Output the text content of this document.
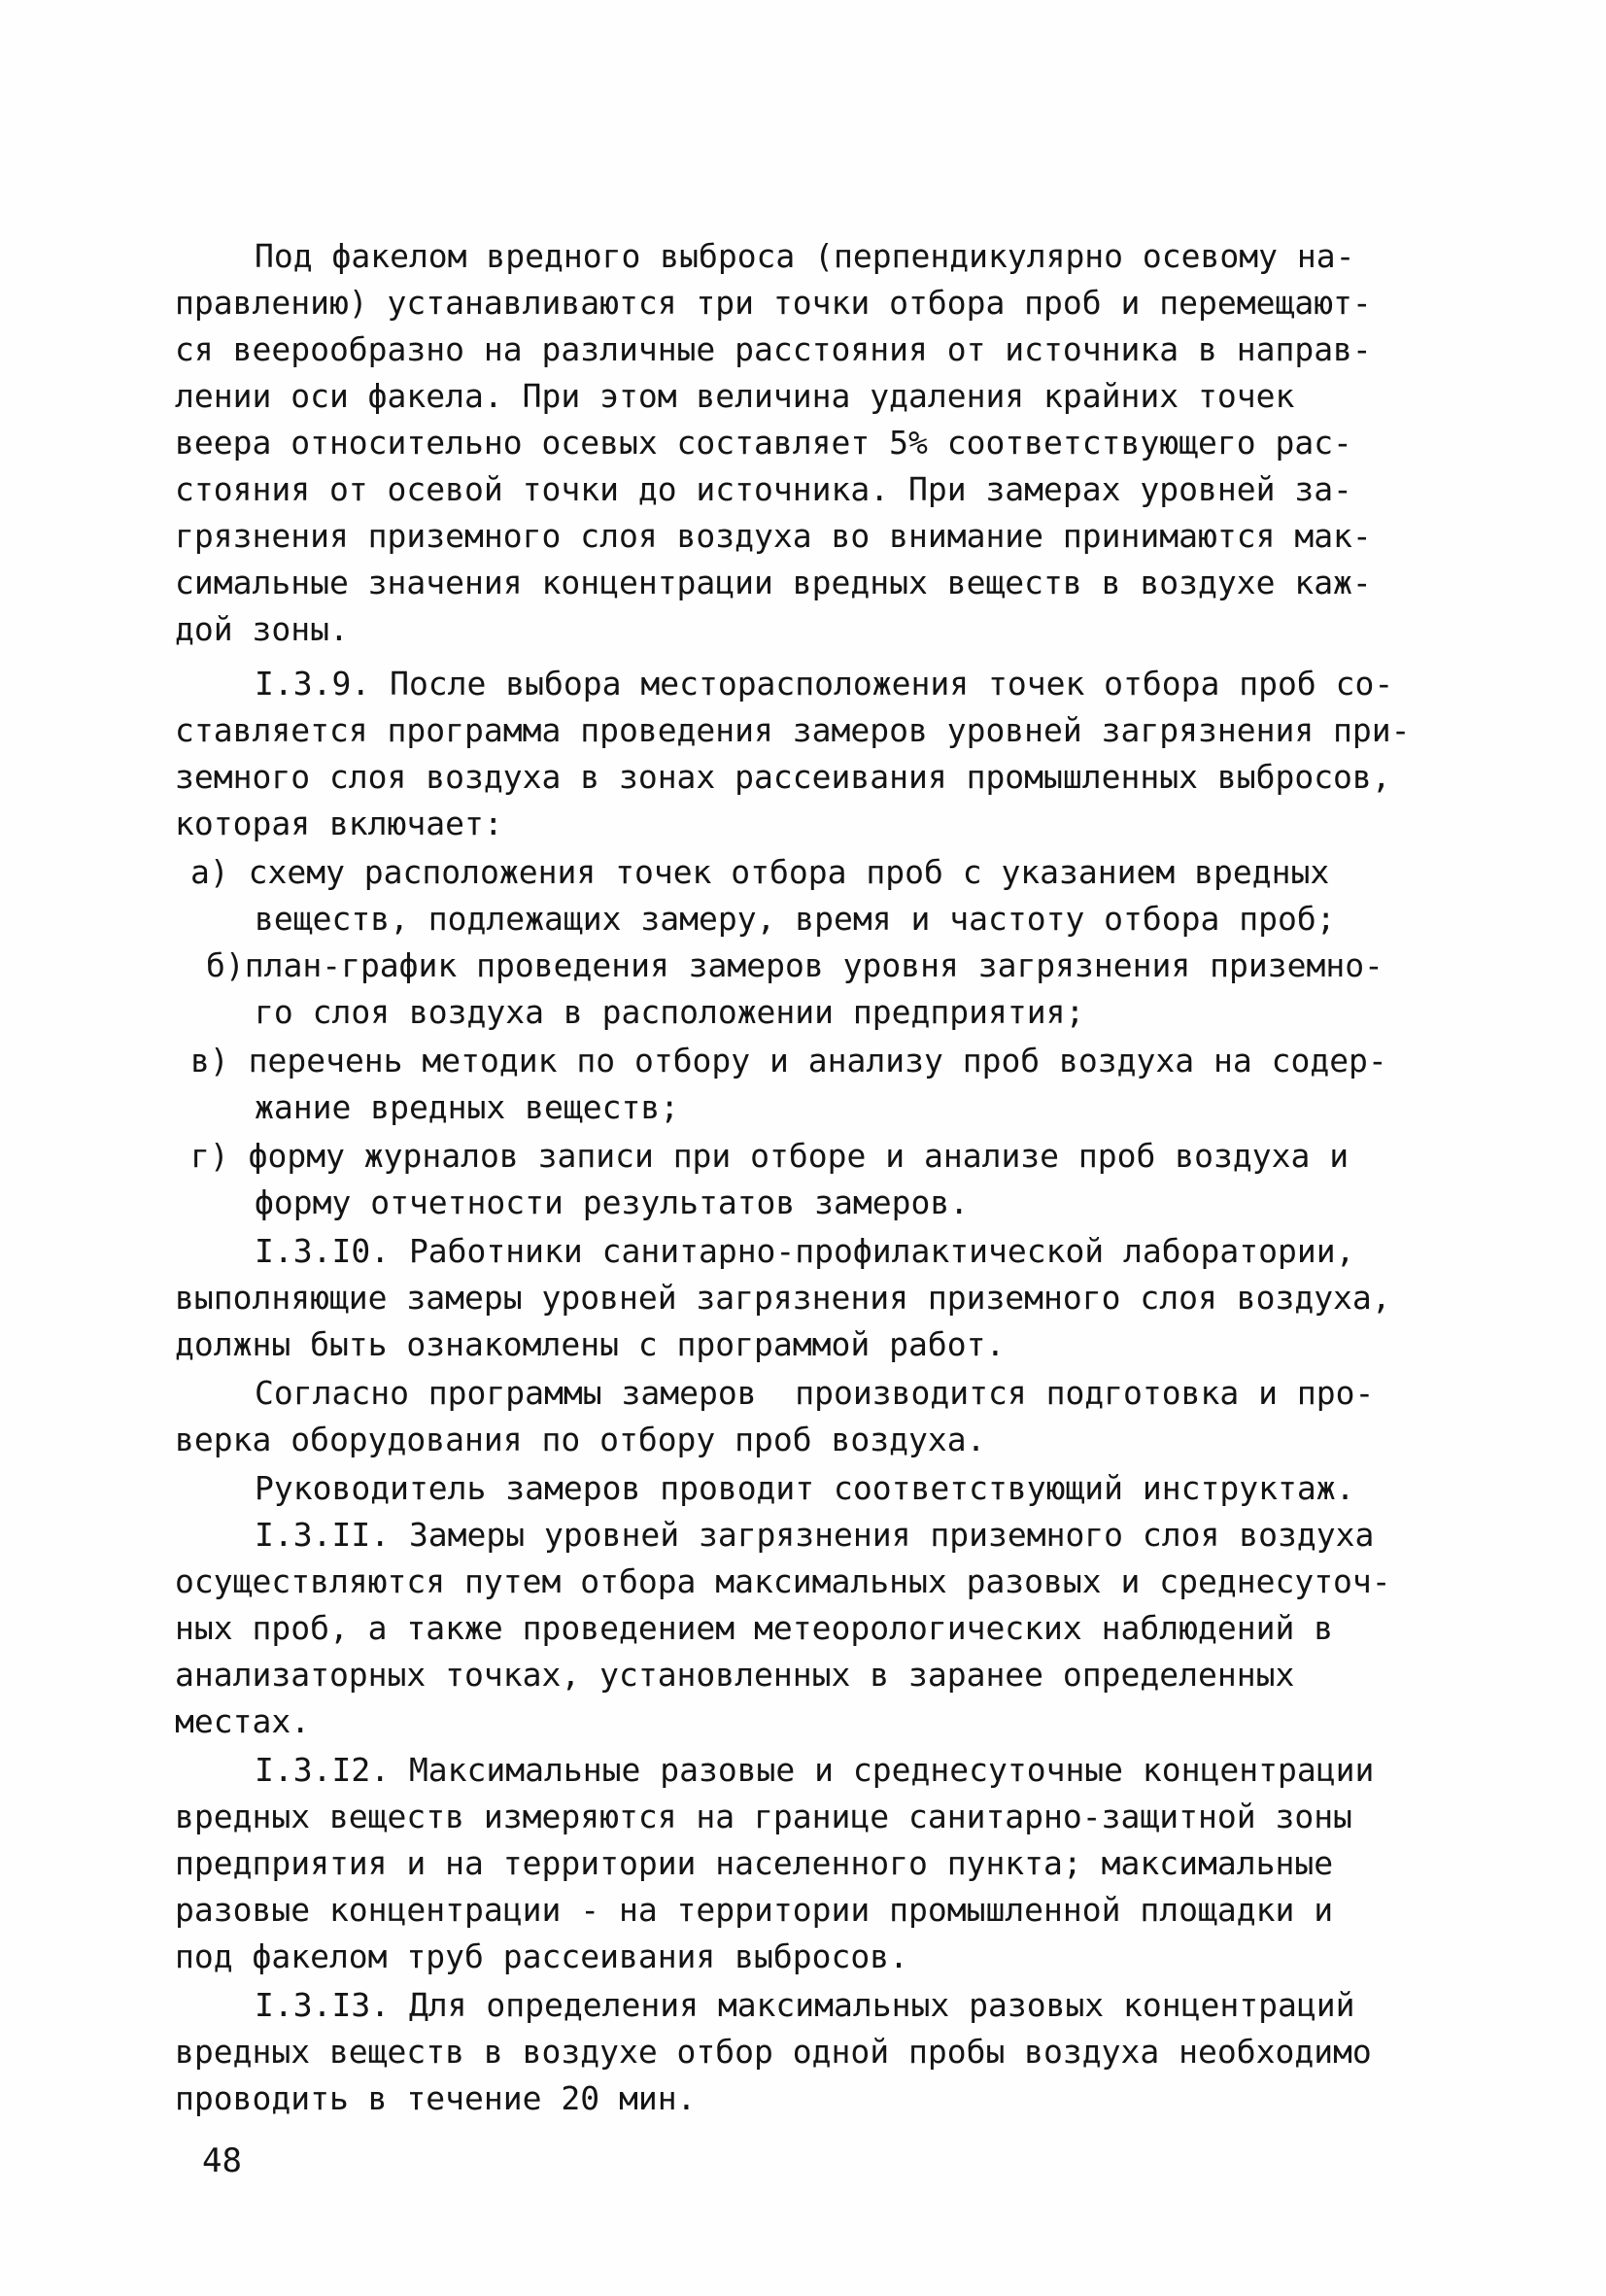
Под факелом вредного выброса (перпендикулярно осевому на-
правлению) устанавливаются три точки отбора проб и перемещают-
ся веерообразно на различные расстояния от источника в направ-
лении оси факела. При этом величина удаления крайних точек
веера относительно осевых составляет 5% соответствующего рас-
стояния от осевой точки до источника. При замерах уровней за-
грязнения приземного слоя воздуха во внимание принимаются мак-
симальные значения концентрации вредных веществ в воздухе каж-
дой зоны.
I.3.9. После выбора месторасположения точек отбора проб со-
ставляется программа проведения замеров уровней загрязнения при-
земного слоя воздуха в зонах рассеивания промышленных выбросов,
которая включает:
а) схему расположения точек отбора проб с указанием вредных
веществ, подлежащих замеру, время и частоту отбора проб;
б)план-график проведения замеров уровня загрязнения приземно-
го слоя воздуха в расположении предприятия;
в) перечень методик по отбору и анализу проб воздуха на содер-
жание вредных веществ;
г) форму журналов записи при отборе и анализе проб воздуха и
форму отчетности результатов замеров.
I.3.I0. Работники санитарно-профилактической лаборатории,
выполняющие замеры уровней загрязнения приземного слоя воздуха,
должны быть ознакомлены с программой работ.
Согласно программы замеров  производится подготовка и про-
верка оборудования по отбору проб воздуха.
Руководитель замеров проводит соответствующий инструктаж.
I.3.II. Замеры уровней загрязнения приземного слоя воздуха
осуществляются путем отбора максимальных разовых и среднесуточ-
ных проб, а также проведением метеорологических наблюдений в
анализаторных точках, установленных в заранее определенных
местах.
I.3.I2. Максимальные разовые и среднесуточные концентрации
вредных веществ измеряются на границе санитарно-защитной зоны
предприятия и на территории населенного пункта; максимальные
разовые концентрации - на территории промышленной площадки и
под факелом труб рассеивания выбросов.
I.3.I3. Для определения максимальных разовых концентраций
вредных веществ в воздухе отбор одной пробы воздуха необходимо
проводить в течение 20 мин.
48
